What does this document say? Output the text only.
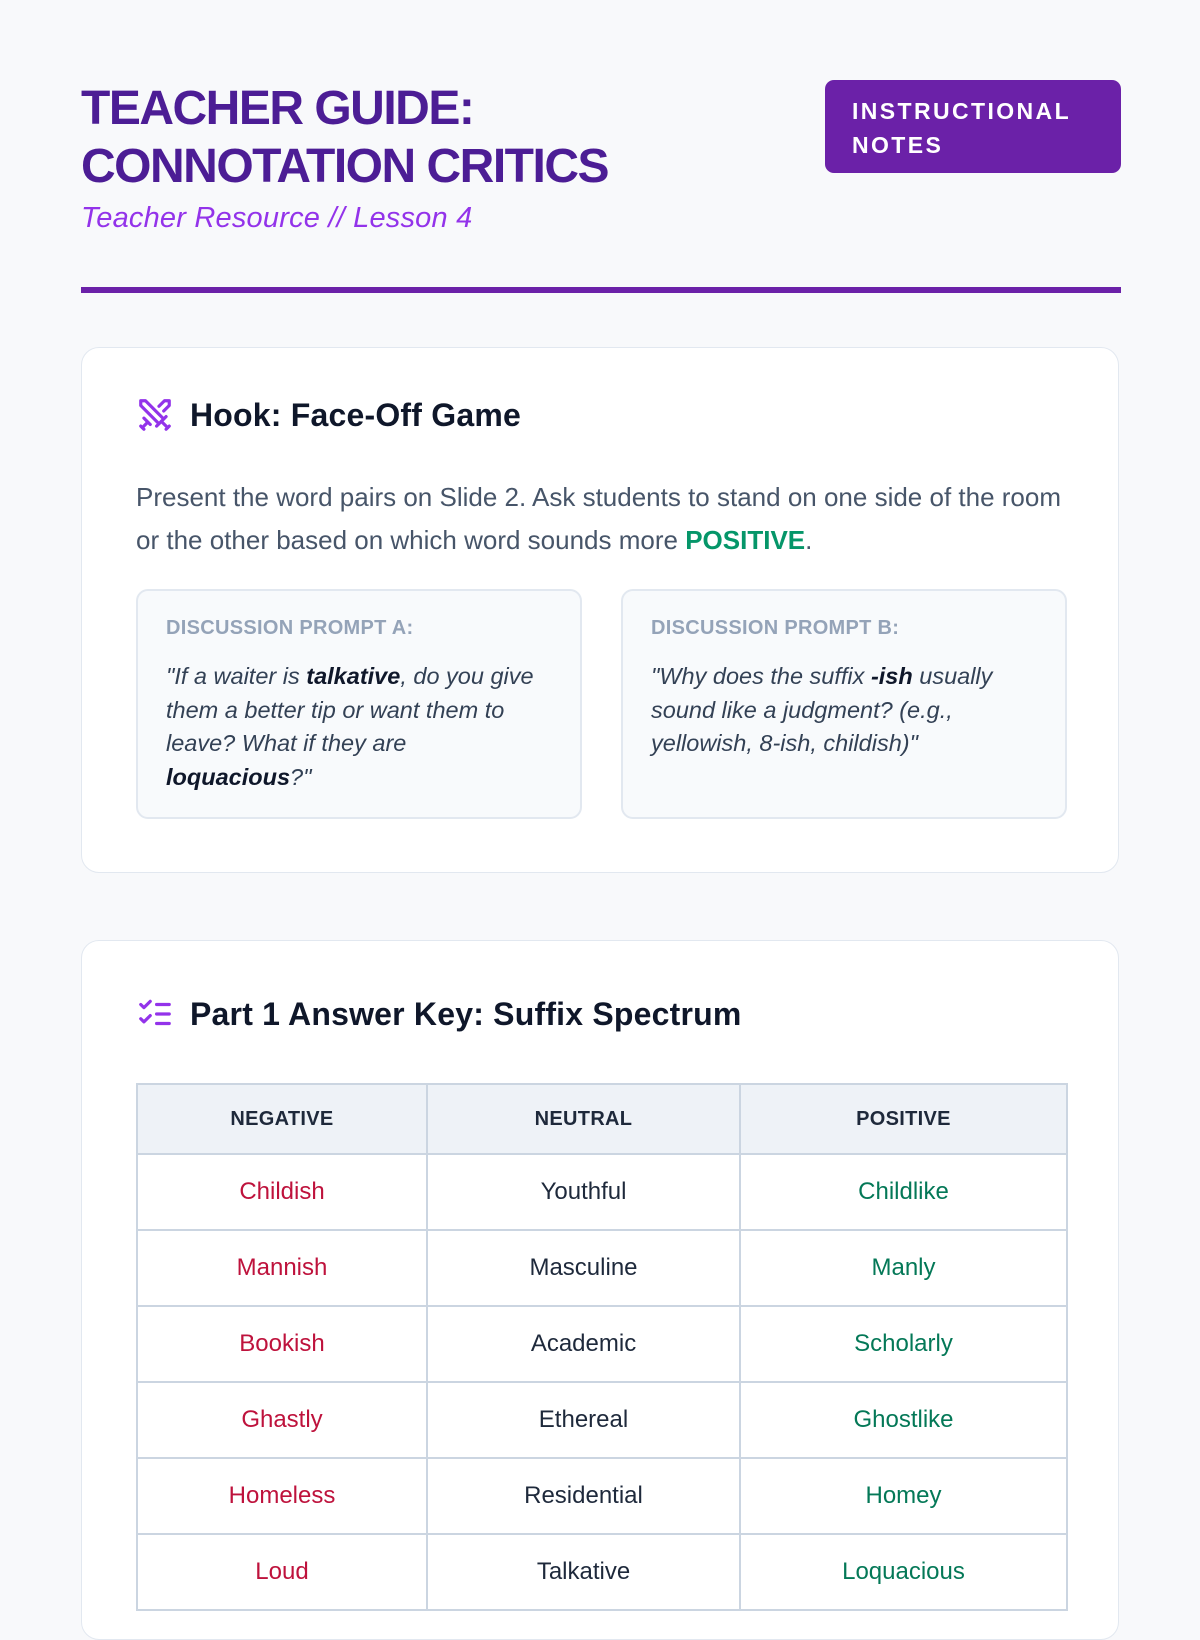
TEACHER GUIDE:
CONNOTATION CRITICS
Teacher Resource // Lesson 4
INSTRUCTIONAL
NOTES
Hook: Face-Off Game

Present the word pairs on Slide 2. Ask students to stand on one side of the room or the other based on which word sounds more POSITIVE.

DISCUSSION PROMPT A:
"If a waiter is talkative, do you give them a better tip or want them to leave? What if they are loquacious?"
DISCUSSION PROMPT B:
"Why does the suffix -ish usually sound like a judgment? (e.g., yellowish, 8-ish, childish)"
Part 1 Answer Key: Suffix Spectrum
NEGATIVE	NEUTRAL	POSITIVE
Childish	Youthful	Childlike
Mannish	Masculine	Manly
Bookish	Academic	Scholarly
Ghastly	Ethereal	Ghostlike
Homeless	Residential	Homey
Loud	Talkative	Loquacious
